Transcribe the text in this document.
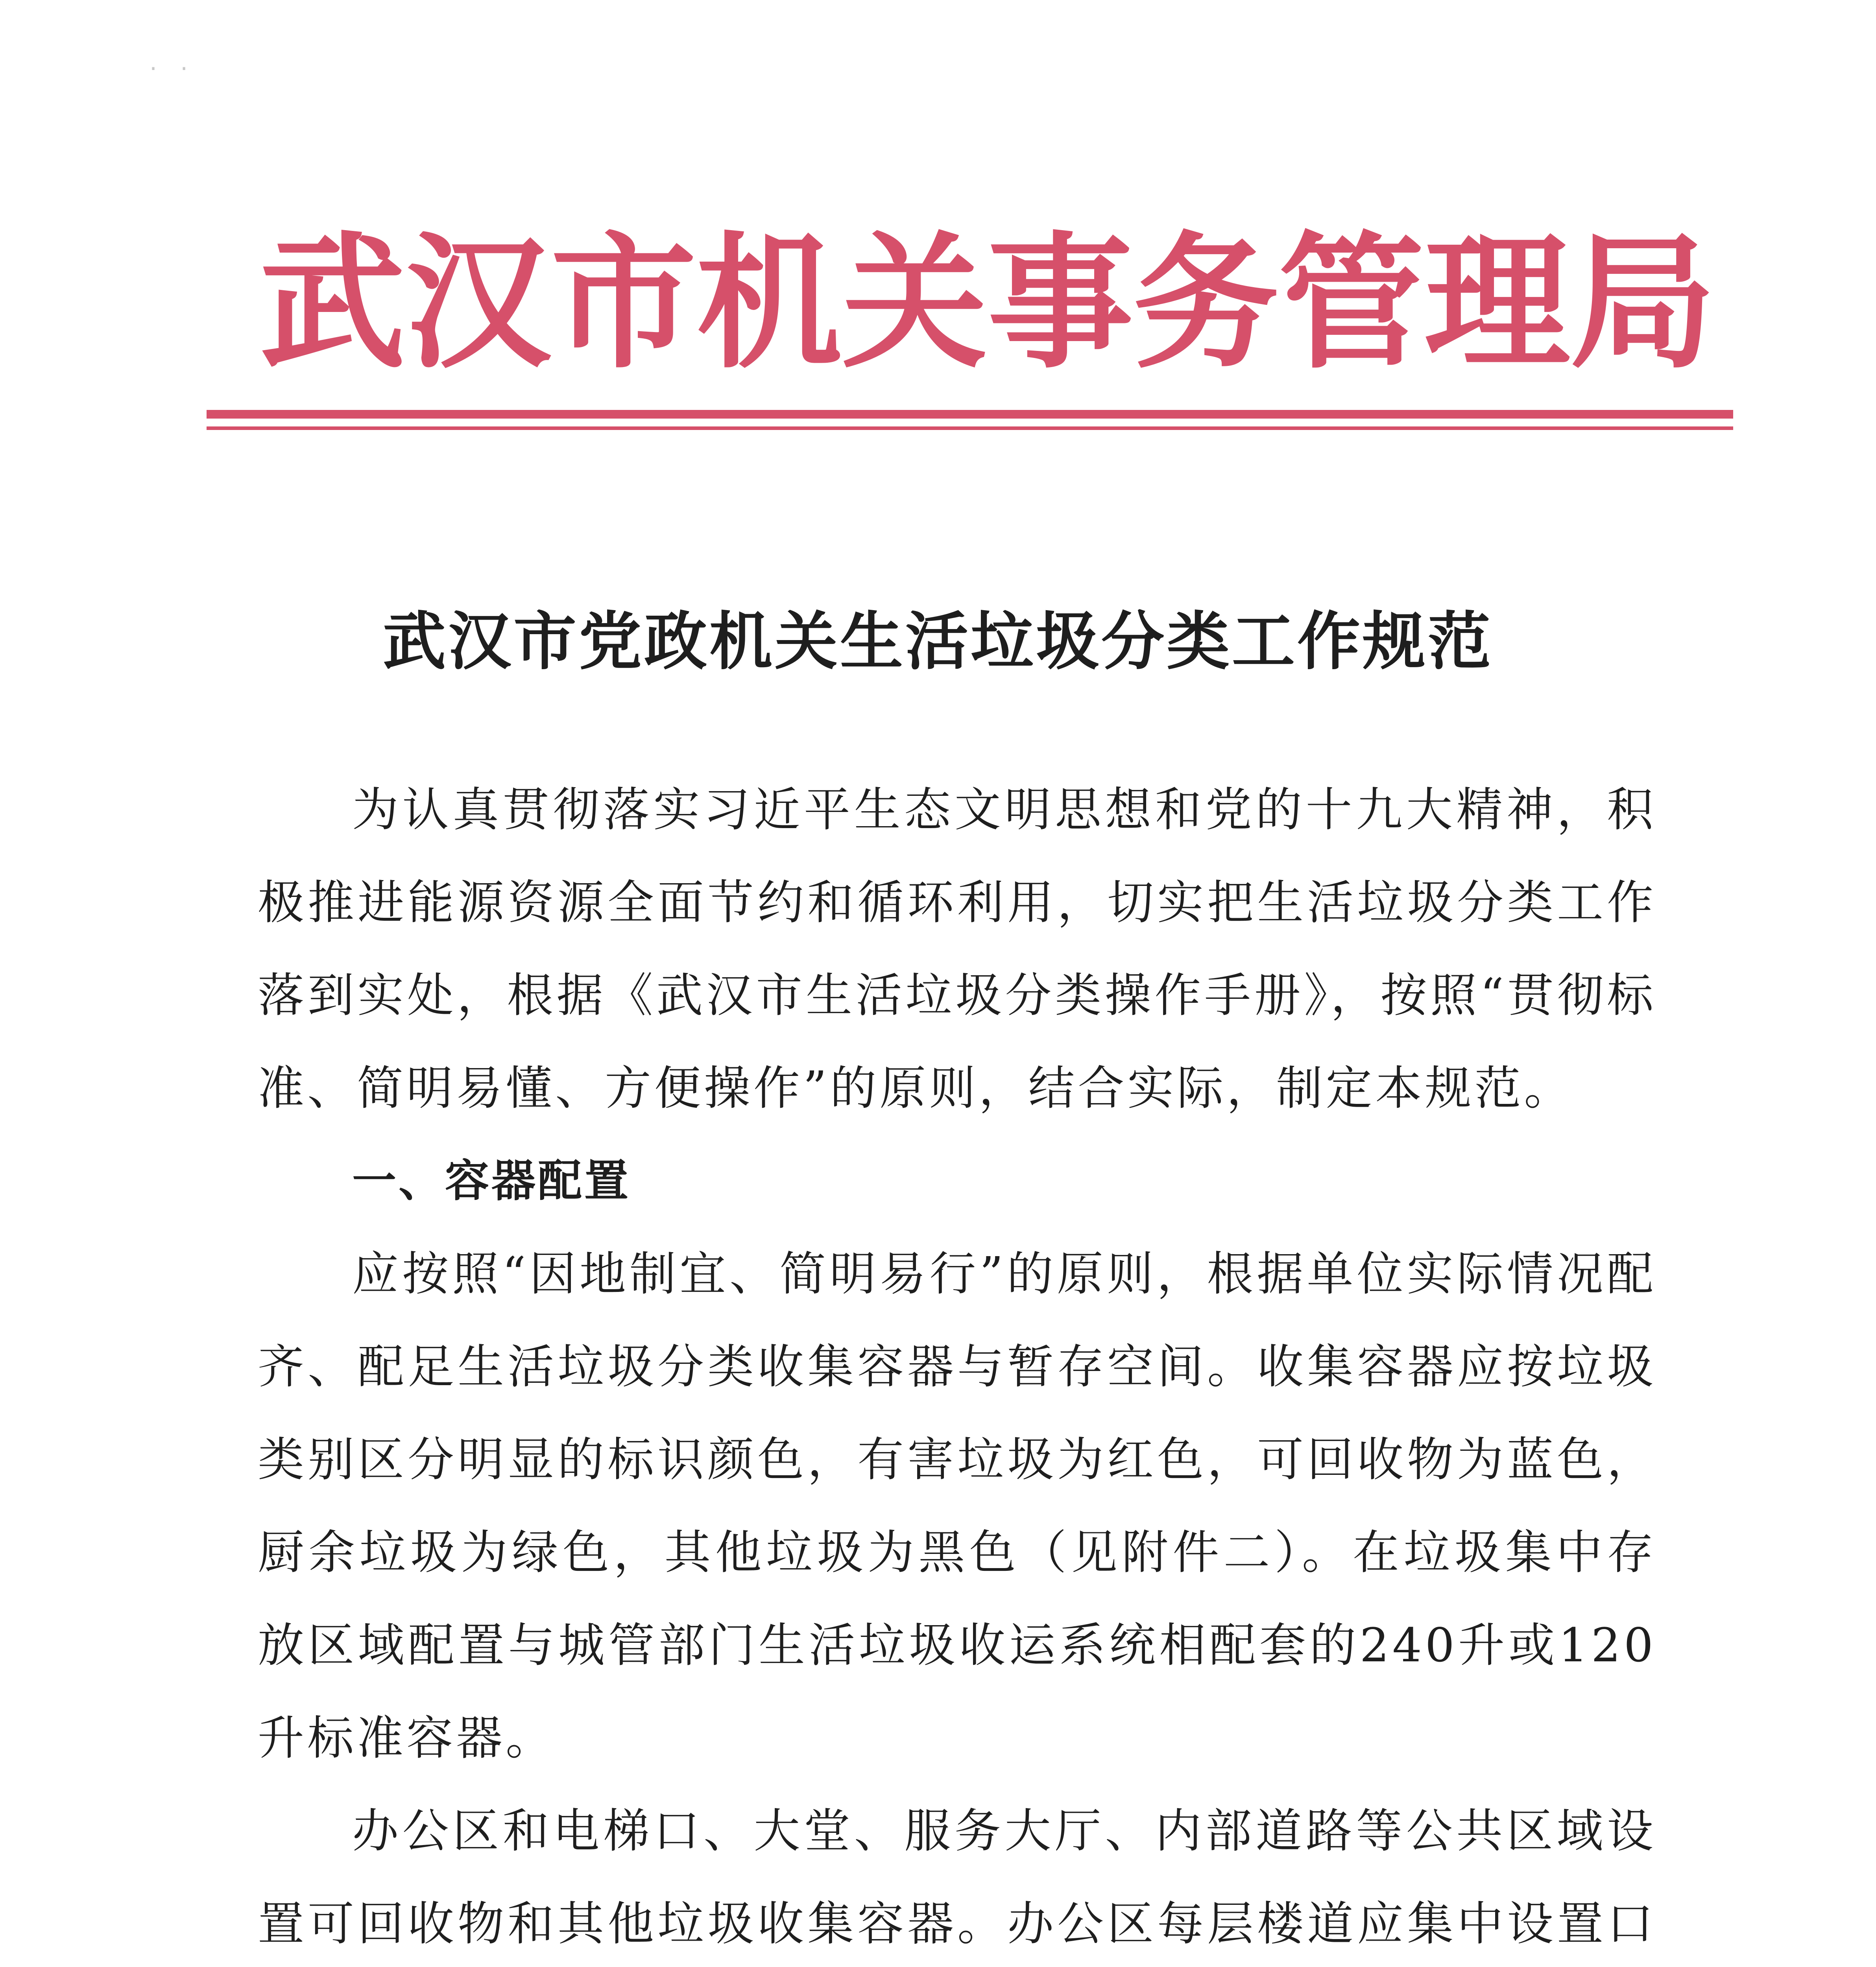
· ·
武 汉 市 机 关 事 务 管 理 局
武汉市党政机关生活垃圾分类工作规范

为认真贯彻落实习近平生态文明思想和党的十九大精神，积极推进能源资源全面节约和循环利用，切实把生活垃圾分类工作落到实处，根据《武汉市生活垃圾分类操作手册》，按照“贯彻标准、简明易懂、方便操作”的原则，结合实际，制定本规范。

一、容器配置

应按照“因地制宜、简明易行”的原则，根据单位实际情况配齐、配足生活垃圾分类收集容器与暂存空间。收集容器应按垃圾类别区分明显的标识颜色，有害垃圾为红色，可回收物为蓝色，厨余垃圾为绿色，其他垃圾为黑色（见附件二）。在垃圾集中存放区域配置与城管部门生活垃圾收运系统相配套的240升或120升标准容器。

办公区和电梯口、大堂、服务大厅、内部道路等公共区域设置可回收物和其他垃圾收集容器。办公区每层楼道应集中设置口
